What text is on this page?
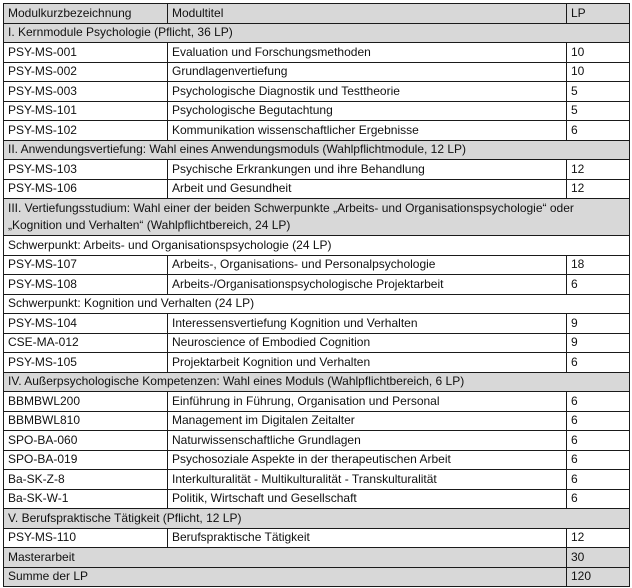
Modulkurzbezeichnung	Modultitel	LP
I. Kernmodule Psychologie (Pflicht, 36 LP)		
PSY-MS-001	Evaluation und Forschungsmethoden	10
PSY-MS-002	Grundlagenvertiefung	10
PSY-MS-003	Psychologische Diagnostik und Testtheorie	5
PSY-MS-101	Psychologische Begutachtung	5
PSY-MS-102	Kommunikation wissenschaftlicher Ergebnisse	6
II. Anwendungsvertiefung: Wahl eines Anwendungsmoduls (Wahlpflichtmodule, 12 LP)		
PSY-MS-103	Psychische Erkrankungen und ihre Behandlung	12
PSY-MS-106	Arbeit und Gesundheit	12
III. Vertiefungsstudium: Wahl einer der beiden Schwerpunkte „Arbeits- und Organisationspsychologie“ oder „Kognition und Verhalten“ (Wahlpflichtbereich, 24 LP)		
Schwerpunkt: Arbeits- und Organisationspsychologie (24 LP)		
PSY-MS-107	Arbeits-, Organisations- und Personalpsychologie	18
PSY-MS-108	Arbeits-/Organisationspsychologische Projektarbeit	6
Schwerpunkt: Kognition und Verhalten (24 LP)		
PSY-MS-104	Interessensvertiefung Kognition und Verhalten	9
CSE-MA-012	Neuroscience of Embodied Cognition	9
PSY-MS-105	Projektarbeit Kognition und Verhalten	6
IV. Außerpsychologische Kompetenzen: Wahl eines Moduls (Wahlpflichtbereich, 6 LP)		
BBMBWL200	Einführung in Führung, Organisation und Personal	6
BBMBWL810	Management im Digitalen Zeitalter	6
SPO-BA-060	Naturwissenschaftliche Grundlagen	6
SPO-BA-019	Psychosoziale Aspekte in der therapeutischen Arbeit	6
Ba-SK-Z-8	Interkulturalität - Multikulturalität - Transkulturalität	6
Ba-SK-W-1	Politik, Wirtschaft und Gesellschaft	6
V. Berufspraktische Tätigkeit (Pflicht, 12 LP)		
PSY-MS-110	Berufspraktische Tätigkeit	12
Masterarbeit		30
Summe der LP		120
